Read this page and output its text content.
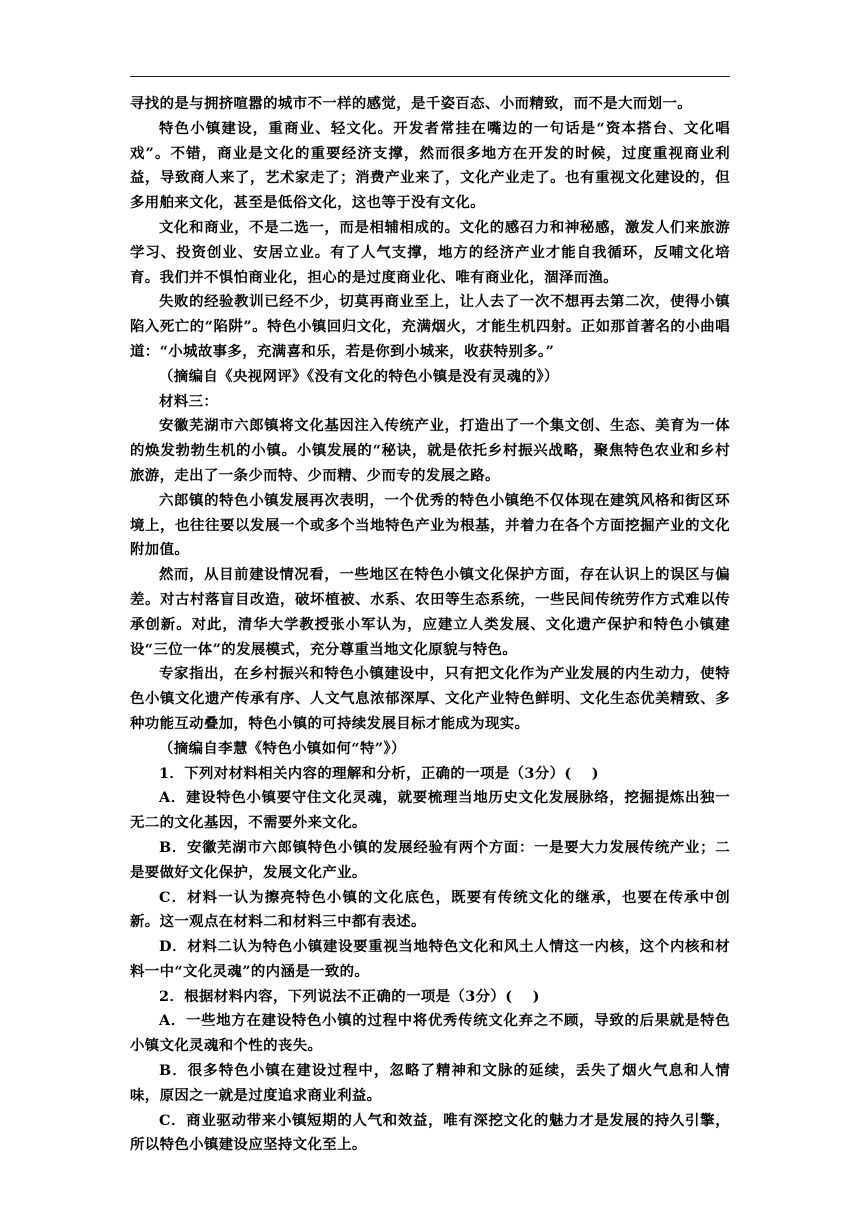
寻找的是与拥挤喧嚣的城市不一样的感觉，是千姿百态、小而精致，而不是大而划一。

特色小镇建设，重商业、轻文化。开发者常挂在嘴边的一句话是“资本搭台、文化唱戏”。不错，商业是文化的重要经济支撑，然而很多地方在开发的时候，过度重视商业利益，导致商人来了，艺术家走了；消费产业来了，文化产业走了。也有重视文化建设的，但多用舶来文化，甚至是低俗文化，这也等于没有文化。

文化和商业，不是二选一，而是相辅相成的。文化的感召力和神秘感，激发人们来旅游学习、投资创业、安居立业。有了人气支撑，地方的经济产业才能自我循环，反哺文化培育。我们并不惧怕商业化，担心的是过度商业化、唯有商业化，涸泽而渔。

失败的经验教训已经不少，切莫再商业至上，让人去了一次不想再去第二次，使得小镇陷入死亡的“陷阱”。特色小镇回归文化，充满烟火，才能生机四射。正如那首著名的小曲唱道：“小城故事多，充满喜和乐，若是你到小城来，收获特别多。”

（摘编自《央视网评》《没有文化的特色小镇是没有灵魂的》）

材料三：

安徽芜湖市六郎镇将文化基因注入传统产业，打造出了一个集文创、生态、美育为一体的焕发勃勃生机的小镇。小镇发展的“秘诀，就是依托乡村振兴战略，聚焦特色农业和乡村旅游，走出了一条少而特、少而精、少而专的发展之路。

六郎镇的特色小镇发展再次表明，一个优秀的特色小镇绝不仅体现在建筑风格和街区环境上，也往往要以发展一个或多个当地特色产业为根基，并着力在各个方面挖掘产业的文化附加值。

然而，从目前建设情况看，一些地区在特色小镇文化保护方面，存在认识上的误区与偏差。对古村落盲目改造，破坏植被、水系、农田等生态系统，一些民间传统劳作方式难以传承创新。对此，清华大学教授张小军认为，应建立人类发展、文化遗产保护和特色小镇建设“三位一体”的发展模式，充分尊重当地文化原貌与特色。

专家指出，在乡村振兴和特色小镇建设中，只有把文化作为产业发展的内生动力，使特色小镇文化遗产传承有序、人文气息浓郁深厚、文化产业特色鲜明、文化生态优美精致、多种功能互动叠加，特色小镇的可持续发展目标才能成为现实。

（摘编自李慧《特色小镇如何“特”》）

1．下列对材料相关内容的理解和分析，正确的一项是（3分）(　 )

A．建设特色小镇要守住文化灵魂，就要梳理当地历史文化发展脉络，挖掘提炼出独一无二的文化基因，不需要外来文化。

B．安徽芜湖市六郎镇特色小镇的发展经验有两个方面：一是要大力发展传统产业；二是要做好文化保护，发展文化产业。

C．材料一认为擦亮特色小镇的文化底色，既要有传统文化的继承，也要在传承中创新。这一观点在材料二和材料三中都有表述。

D．材料二认为特色小镇建设要重视当地特色文化和风土人情这一内核，这个内核和材料一中“文化灵魂”的内涵是一致的。

2．根据材料内容，下列说法不正确的一项是（3分）(　 )

A．一些地方在建设特色小镇的过程中将优秀传统文化弃之不顾，导致的后果就是特色小镇文化灵魂和个性的丧失。

B．很多特色小镇在建设过程中，忽略了精神和文脉的延续，丢失了烟火气息和人情味，原因之一就是过度追求商业利益。

C．商业驱动带来小镇短期的人气和效益，唯有深挖文化的魅力才是发展的持久引擎，所以特色小镇建设应坚持文化至上。
